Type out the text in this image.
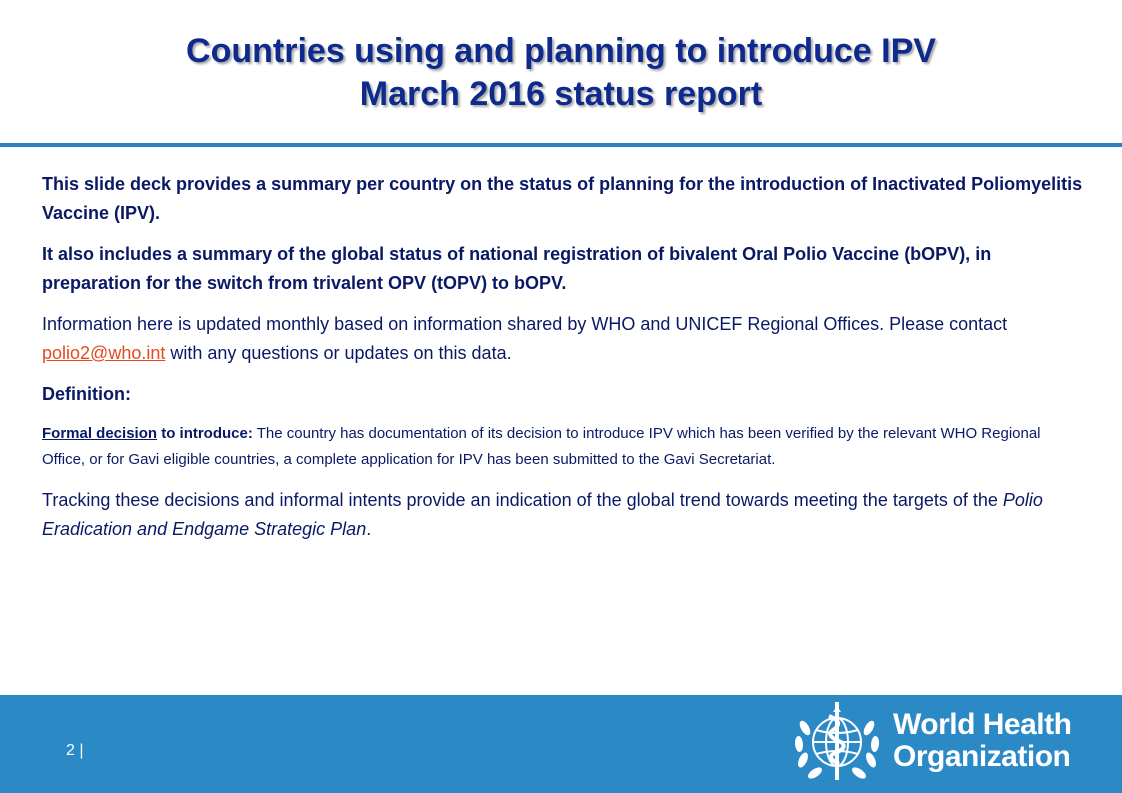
Countries using and planning to introduce IPV
March 2016 status report

This slide deck provides a summary per country on the status of planning for the introduction of Inactivated Poliomyelitis Vaccine (IPV).

It also includes a summary of the global status of national registration of bivalent Oral Polio Vaccine (bOPV), in preparation for the switch from trivalent OPV (tOPV) to bOPV.

Information here is updated monthly based on information shared by WHO and UNICEF Regional Offices. Please contact polio2@who.int with any questions or updates on this data.

Definition:

Formal decision to introduce: The country has documentation of its decision to introduce IPV which has been verified by the relevant WHO Regional Office, or for Gavi eligible countries, a complete application for IPV has been submitted to the Gavi Secretariat.

Tracking these decisions and informal intents provide an indication of the global trend towards meeting the targets of the Polio Eradication and Endgame Strategic Plan.

2 |
World Health
Organization
